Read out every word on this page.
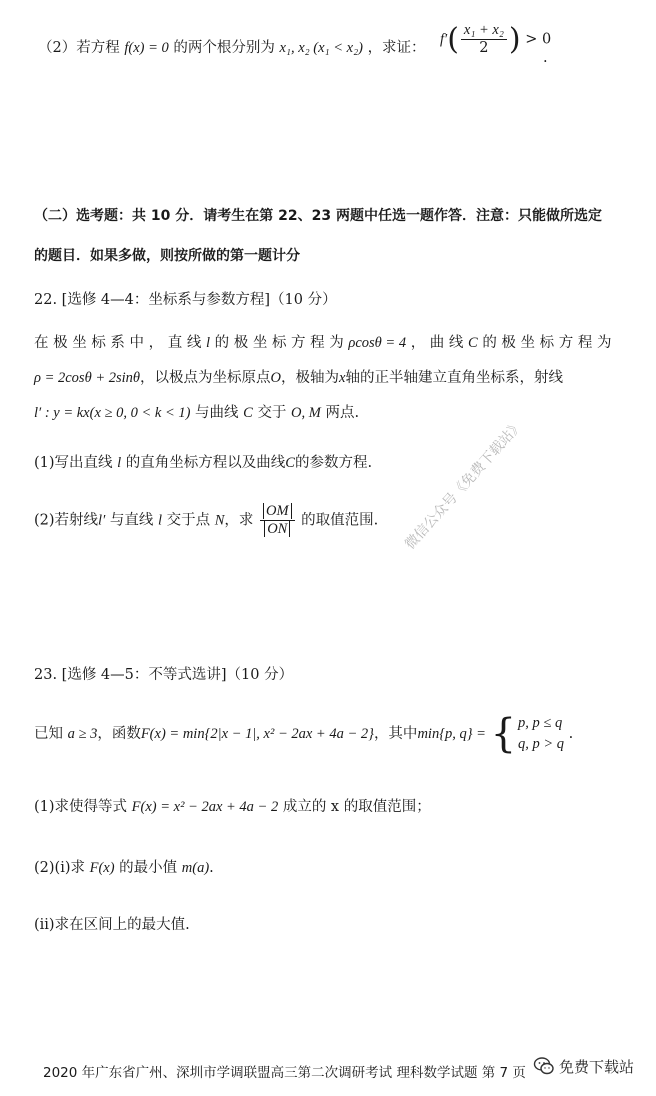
（2）若方程 f(x) = 0 的两个根分别为 x₁, x₂ (x₁ < x₂) ，求证：
$f'( \frac{\text{x₁ + x₂}}{2}$ ) > 0
.
（二）选考题：共 10 分．请考生在第 22、23 两题中任选一题作答．注意：只能做所选定
的题目．如果多做，则按所做的第一题计分
22. [选修 4—4：坐标系与参数方程]（10 分）
在 极 坐 标 系 中 ， 直 线 l 的 极 坐 标 方 程 为 ρcosθ = 4 ， 曲 线 C 的 极 坐 标 方 程 为
ρ = 2cosθ + 2sinθ，以极点为坐标原点O，极轴为x轴的正半轴建立直角坐标系，射线
l′ : y = kx(x ≥ 0, 0 < k < 1) 与曲线 C 交于 O, M 两点.
(1)写出直线 l 的直角坐标方程以及曲线C的参数方程.
(2)若射线l′ 与直线 l 交于点 N，求 $\frac{OM}{ON}$ 的取值范围. 微信公众号《免费下载站》
23. [选修 4—5：不等式选讲]（10 分）
已知 a ≥ 3，函数F(x) = min{2|x − 1|, x² − 2ax + 4a − 2}，其中min{p, q} = { p, p ≤ q
q, p > q
.
(1)求使得等式 F(x) = x² − 2ax + 4a − 2 成立的 x 的取值范围；
(2)(i)求 F(x) 的最小值 m(a).
(ii)求在区间上的最大值.
2020 年广东省广州、深圳市学调联盟高三第二次调研考试 理科数学试题 第 7 页 免费下载站
